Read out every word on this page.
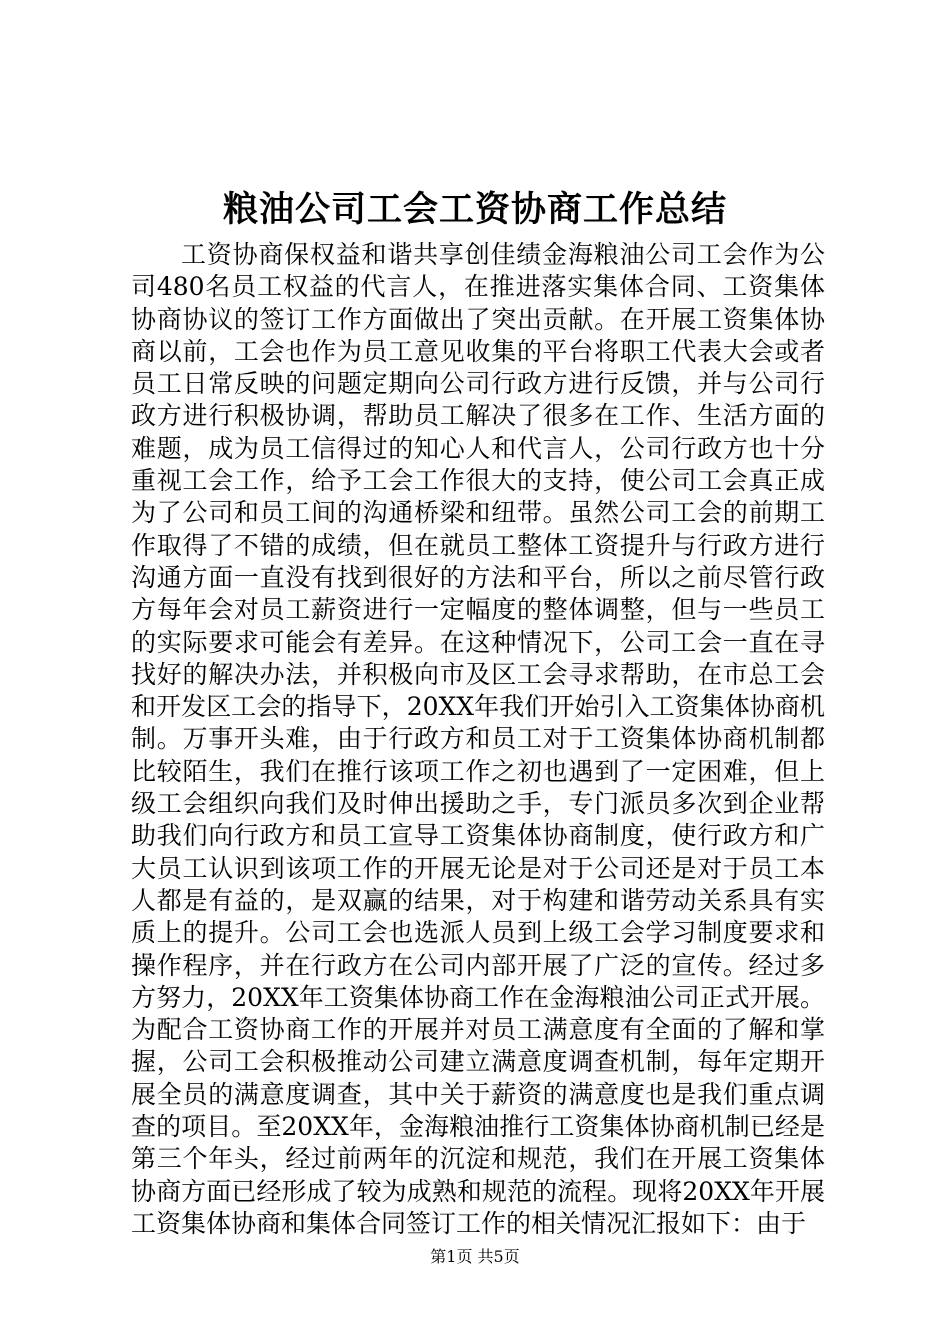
粮油公司工会工资协商工作总结

工资协商保权益和谐共享创佳绩金海粮油公司工会作为公司480名员工权益的代言人，在推进落实集体合同、工资集体协商协议的签订工作方面做出了突出贡献。在开展工资集体协商以前，工会也作为员工意见收集的平台将职工代表大会或者员工日常反映的问题定期向公司行政方进行反馈，并与公司行政方进行积极协调，帮助员工解决了很多在工作、生活方面的难题，成为员工信得过的知心人和代言人，公司行政方也十分重视工会工作，给予工会工作很大的支持，使公司工会真正成为了公司和员工间的沟通桥梁和纽带。虽然公司工会的前期工作取得了不错的成绩，但在就员工整体工资提升与行政方进行沟通方面一直没有找到很好的方法和平台，所以之前尽管行政方每年会对员工薪资进行一定幅度的整体调整，但与一些员工的实际要求可能会有差异。在这种情况下，公司工会一直在寻找好的解决办法，并积极向市及区工会寻求帮助，在市总工会和开发区工会的指导下，20XX年我们开始引入工资集体协商机制。万事开头难，由于行政方和员工对于工资集体协商机制都比较陌生，我们在推行该项工作之初也遇到了一定困难，但上级工会组织向我们及时伸出援助之手，专门派员多次到企业帮助我们向行政方和员工宣导工资集体协商制度，使行政方和广大员工认识到该项工作的开展无论是对于公司还是对于员工本人都是有益的，是双赢的结果，对于构建和谐劳动关系具有实质上的提升。公司工会也选派人员到上级工会学习制度要求和操作程序，并在行政方在公司内部开展了广泛的宣传。经过多方努力，20XX年工资集体协商工作在金海粮油公司正式开展。为配合工资协商工作的开展并对员工满意度有全面的了解和掌握，公司工会积极推动公司建立满意度调查机制，每年定期开展全员的满意度调查，其中关于薪资的满意度也是我们重点调查的项目。至20XX年，金海粮油推行工资集体协商机制已经是第三个年头，经过前两年的沉淀和规范，我们在开展工资集体协商方面已经形成了较为成熟和规范的流程。现将20XX年开展工资集体协商和集体合同签订工作的相关情况汇报如下：由于

第1页 共5页
